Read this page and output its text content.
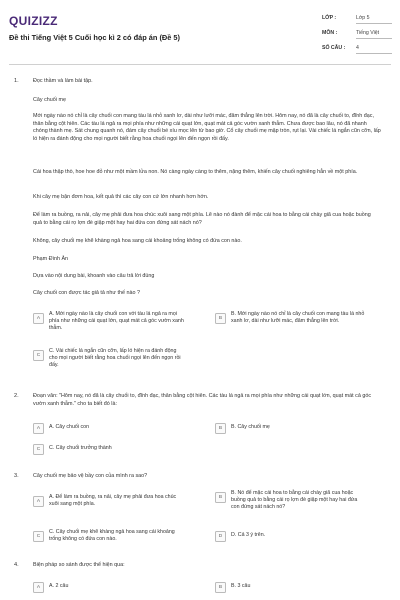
QUIZIZZ
Đề thi Tiếng Việt 5 Cuối học kì 2 có đáp án (Đề 5)
LỚP :	Lớp 5
MÔN :	Tiếng Việt
SỐ CÂU : 4
1.	Đọc thầm và làm bài tập.
Cây chuối mẹ
Mới ngày nào nó chỉ là cây chuối con mang tàu lá nhỏ xanh lơ, dài như lưỡi mác, đâm thẳng lên trời. Hôm nay, nó đã là cây chuối to, đĩnh đạc, thân bằng cột hiên. Các tàu lá ngả ra mọi phía như những cái quạt lớn, quạt mát cả góc vườn xanh thẫm. Chưa được bao lâu, nó đã nhanh chóng thành mẹ. Sát chung quanh nó, đám cây chuối bé xíu mọc lên từ bao giờ. Cổ cây chuối mẹ mập tròn, rụt lại. Vài chiếc lá ngắn cũn cỡn, lấp ló hiện ra đánh động cho mọi người biết rằng hoa chuối ngọi lên đến ngọn rồi đấy.
Cái hoa thập thò, hoe hoe đỏ như một mầm lửa non. Nó càng ngày càng to thêm, nặng thêm, khiến cây chuối nghiêng hẳn về một phía.
Khi cây mẹ bận đơm hoa, kết quả thì các cây con cứ lớn nhanh hơn hớn.
Để làm ra buồng, ra nải, cây mẹ phải đưa hoa chúc xuôi sang một phía. Lẽ nào nó đành để mặc cái hoa to bằng cái chày giã cua hoặc buồng quả to bằng cái rọ lợn đè giập một hay hai đứa con đứng sát nách nó?
Không, cây chuối mẹ khẽ khàng ngả hoa sang cái khoảng trống không có đứa con nào.
Phạm Đình Ân
Dựa vào nội dung bài, khoanh vào câu trả lời đúng
Cây chuối con được tác giả tả như thế nào ?
A
A. Mới ngày nào là cây chuối con với tàu lá ngả ra mọi phía như những cái quạt lớn, quạt mát cả góc vườn xanh thẫm.
B
B. Mới ngày nào nó chỉ là cây chuối con mang tàu lá nhỏ xanh lơ, dài như lưỡi mác, đâm thẳng lên trời.
C
C. Vài chiếc lá ngắn cũn cỡn, lấp ló hiện ra đánh động cho mọi người biết rằng hoa chuối ngọi lên đến ngọn rồi đấy.
2.	Đoạn văn: "Hôm nay, nó đã là cây chuối to, đĩnh đạc, thân bằng cột hiên. Các tàu lá ngả ra mọi phía như những cái quạt lớn, quạt mát cả góc vườn xanh thẫm." cho ta biết đó là:
A	A. Cây chuối con	B	B. Cây chuối mẹ
C	C. Cây chuối trưởng thành
3.	Cây chuối mẹ bảo vệ bầy con của mình ra sao?
A
A. Để làm ra buồng, ra nải, cây mẹ phải đưa hoa chúc xuôi sang một phía.
B
B. Nó để mặc cái hoa to bằng cái chày giã cua hoặc buồng quả to bằng cái rọ lợn đè giập một hay hai đứa con đứng sát nách nó?
C
C. Cây chuối mẹ khẽ khàng ngả hoa sang cái khoảng trống không có đứa con nào.	D	D. Cả 3 ý trên.
4.	Biện pháp so sánh được thể hiện qua:
A	A. 2 câu	B	B. 3 câu
